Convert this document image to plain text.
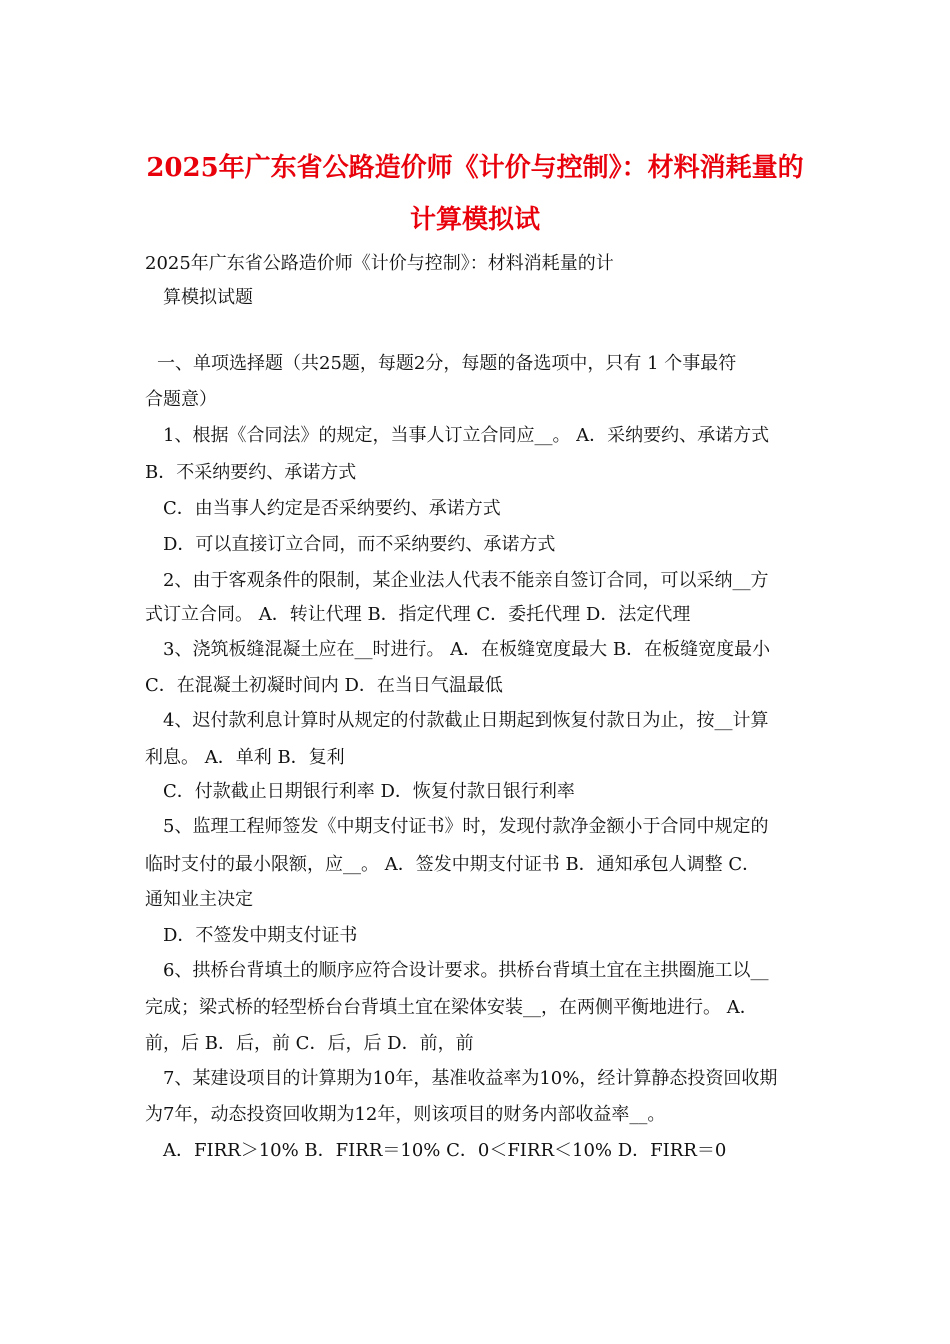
2025年广东省公路造价师《计价与控制》：材料消耗量的
计算模拟试
2025年广东省公路造价师《计价与控制》：材料消耗量的计
算模拟试题
一、单项选择题（共25题，每题2分，每题的备选项中，只有 1 个事最符
合题意）
1、根据《合同法》的规定，当事人订立合同应__。 A．采纳要约、承诺方式
B．不采纳要约、承诺方式
C．由当事人约定是否采纳要约、承诺方式
D．可以直接订立合同，而不采纳要约、承诺方式
2、由于客观条件的限制，某企业法人代表不能亲自签订合同，可以采纳__方
式订立合同。 A．转让代理 B．指定代理 C．委托代理 D．法定代理
3、浇筑板缝混凝土应在__时进行。 A．在板缝宽度最大 B．在板缝宽度最小
C．在混凝土初凝时间内 D．在当日气温最低
4、迟付款利息计算时从规定的付款截止日期起到恢复付款日为止，按__计算
利息。 A．单利 B．复利
C．付款截止日期银行利率 D．恢复付款日银行利率
5、监理工程师签发《中期支付证书》时，发现付款净金额小于合同中规定的
临时支付的最小限额，应__。 A．签发中期支付证书 B．通知承包人调整 C．
通知业主决定
D．不签发中期支付证书
6、拱桥台背填土的顺序应符合设计要求。拱桥台背填土宜在主拱圈施工以__
完成；梁式桥的轻型桥台台背填土宜在梁体安装__，在两侧平衡地进行。 A．
前，后 B．后，前 C．后，后 D．前，前
7、某建设项目的计算期为10年，基准收益率为10%，经计算静态投资回收期
为7年，动态投资回收期为12年，则该项目的财务内部收益率__。
A．FIRR＞10% B．FIRR＝10% C．0＜FIRR＜10% D．FIRR＝0
